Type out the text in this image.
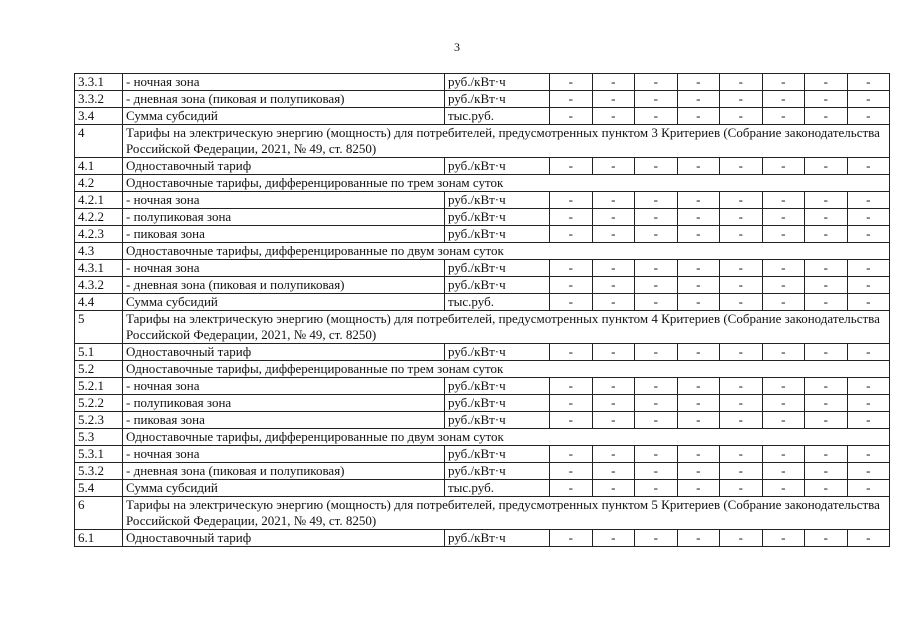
3
3.3.1	- ночная зона	руб./кВт·ч	-	-	-	-	-	-	-	-
3.3.2	- дневная зона (пиковая и полупиковая)	руб./кВт·ч	-	-	-	-	-	-	-	-
3.4	Сумма субсидий	тыс.руб.	-	-	-	-	-	-	-	-
4	Тарифы на электрическую энергию (мощность) для потребителей, предусмотренных пунктом 3 Критериев (Собрание законодательства Российской Федерации, 2021, № 49, ст. 8250)									
4.1	Одноставочный тариф	руб./кВт·ч	-	-	-	-	-	-	-	-
4.2	Одноставочные тарифы, дифференцированные по трем зонам суток									
4.2.1	- ночная зона	руб./кВт·ч	-	-	-	-	-	-	-	-
4.2.2	- полупиковая зона	руб./кВт·ч	-	-	-	-	-	-	-	-
4.2.3	- пиковая зона	руб./кВт·ч	-	-	-	-	-	-	-	-
4.3	Одноставочные тарифы, дифференцированные по двум зонам суток									
4.3.1	- ночная зона	руб./кВт·ч	-	-	-	-	-	-	-	-
4.3.2	- дневная зона (пиковая и полупиковая)	руб./кВт·ч	-	-	-	-	-	-	-	-
4.4	Сумма субсидий	тыс.руб.	-	-	-	-	-	-	-	-
5	Тарифы на электрическую энергию (мощность) для потребителей, предусмотренных пунктом 4 Критериев (Собрание законодательства Российской Федерации, 2021, № 49, ст. 8250)									
5.1	Одноставочный тариф	руб./кВт·ч	-	-	-	-	-	-	-	-
5.2	Одноставочные тарифы, дифференцированные по трем зонам суток									
5.2.1	- ночная зона	руб./кВт·ч	-	-	-	-	-	-	-	-
5.2.2	- полупиковая зона	руб./кВт·ч	-	-	-	-	-	-	-	-
5.2.3	- пиковая зона	руб./кВт·ч	-	-	-	-	-	-	-	-
5.3	Одноставочные тарифы, дифференцированные по двум зонам суток									
5.3.1	- ночная зона	руб./кВт·ч	-	-	-	-	-	-	-	-
5.3.2	- дневная зона (пиковая и полупиковая)	руб./кВт·ч	-	-	-	-	-	-	-	-
5.4	Сумма субсидий	тыс.руб.	-	-	-	-	-	-	-	-
6	Тарифы на электрическую энергию (мощность) для потребителей, предусмотренных пунктом 5 Критериев (Собрание законодательства Российской Федерации, 2021, № 49, ст. 8250)									
6.1	Одноставочный тариф	руб./кВт·ч	-	-	-	-	-	-	-	-
